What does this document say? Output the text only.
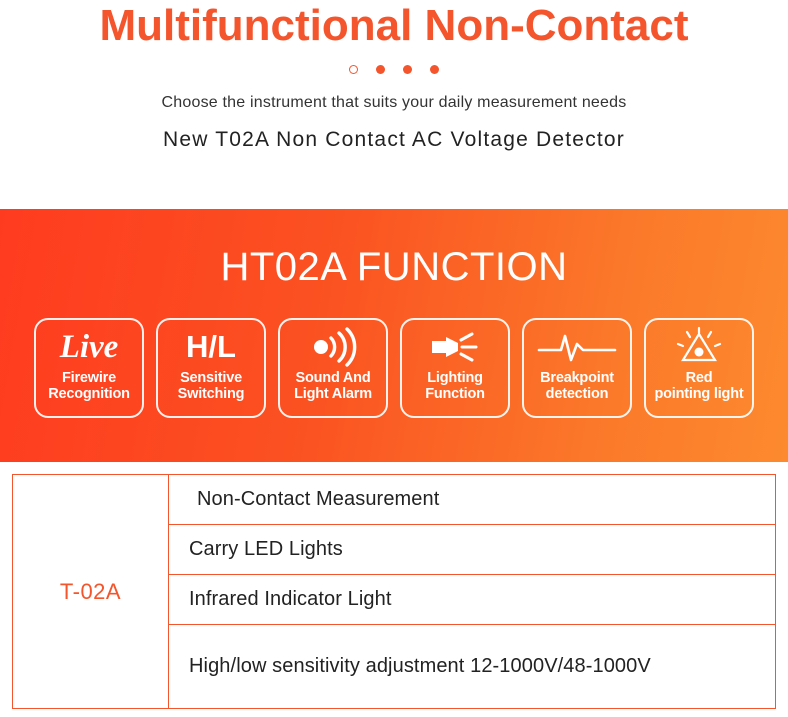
Multifunctional Non-Contact
Choose the instrument that suits your daily measurement needs
New T02A Non Contact AC Voltage Detector
HT02A FUNCTION
Live
Firewire
Recognition
H/L
Sensitive
Switching
Sound And
Light Alarm
Lighting
Function
Breakpoint
detection
Red
pointing light
T-02A	Non-Contact Measurement
Carry LED Lights
Infrared Indicator Light
High/low sensitivity adjustment 12-1000V/48-1000V
